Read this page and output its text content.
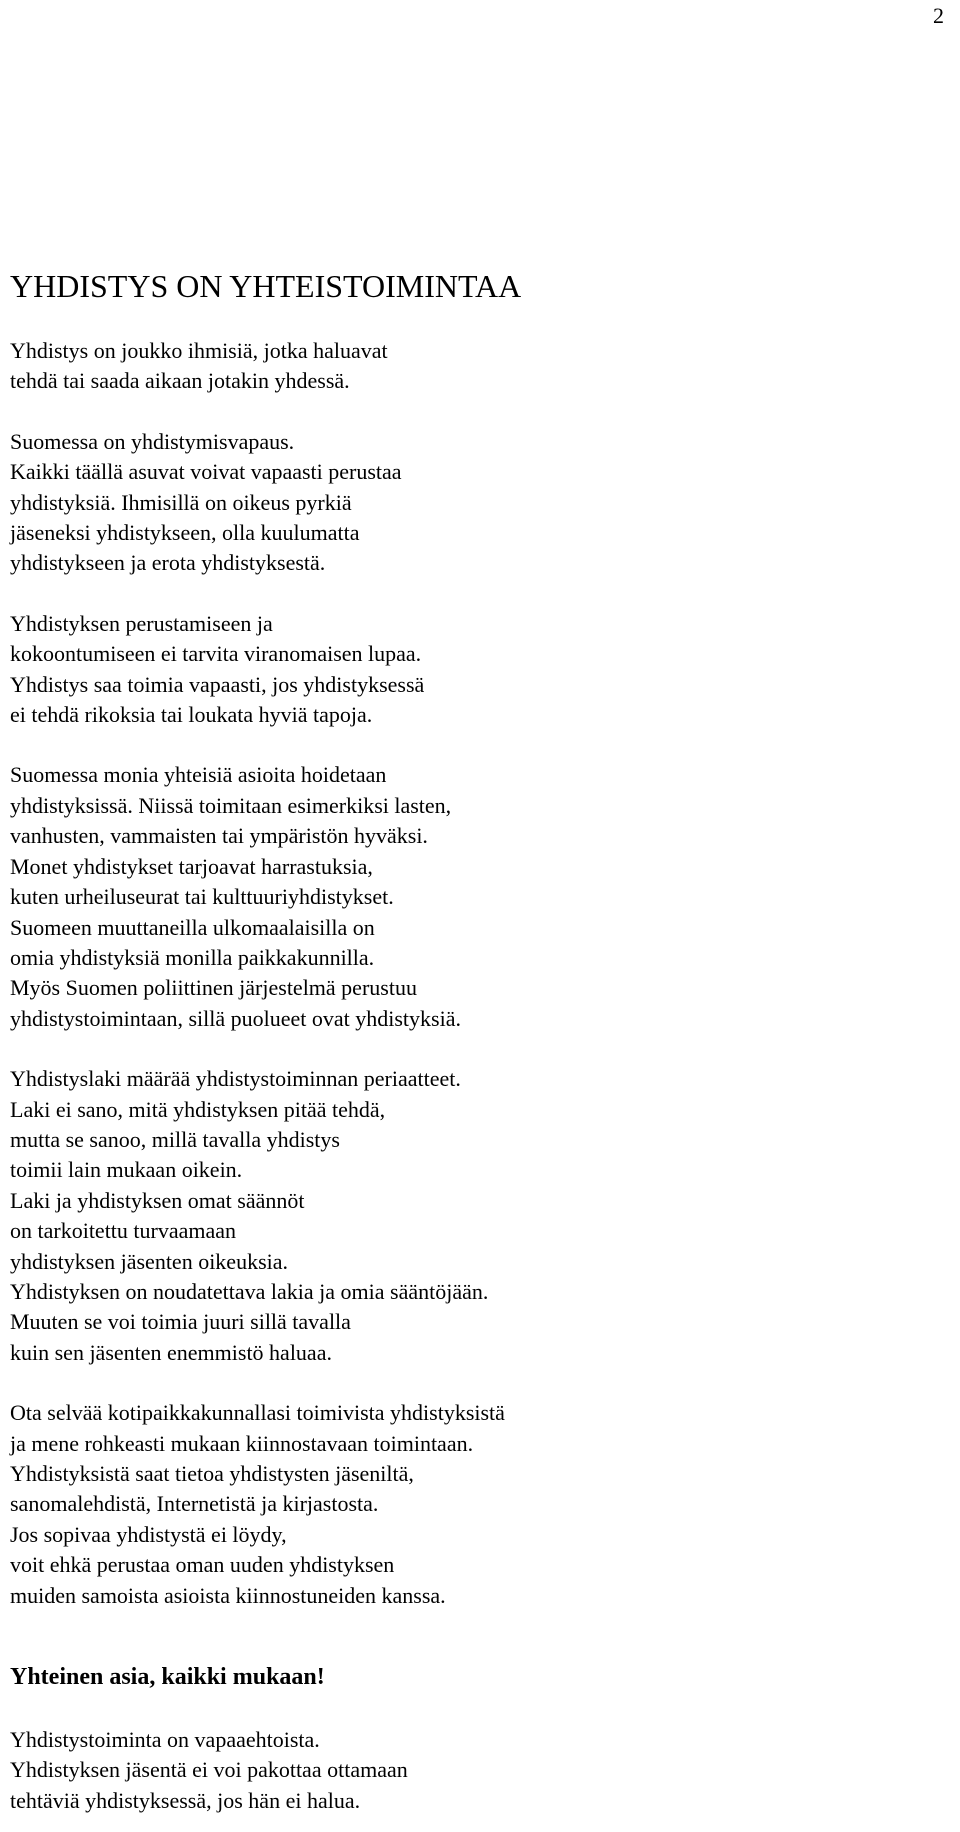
2
YHDISTYS ON YHTEISTOIMINTAA

Yhdistys on joukko ihmisiä, jotka haluavat
tehdä tai saada aikaan jotakin yhdessä.

Suomessa on yhdistymisvapaus.
Kaikki täällä asuvat voivat vapaasti perustaa
yhdistyksiä. Ihmisillä on oikeus pyrkiä
jäseneksi yhdistykseen, olla kuulumatta
yhdistykseen ja erota yhdistyksestä.

Yhdistyksen perustamiseen ja
kokoontumiseen ei tarvita viranomaisen lupaa.
Yhdistys saa toimia vapaasti, jos yhdistyksessä
ei tehdä rikoksia tai loukata hyviä tapoja.

Suomessa monia yhteisiä asioita hoidetaan
yhdistyksissä. Niissä toimitaan esimerkiksi lasten,
vanhusten, vammaisten tai ympäristön hyväksi.
Monet yhdistykset tarjoavat harrastuksia,
kuten urheiluseurat tai kulttuuriyhdistykset.
Suomeen muuttaneilla ulkomaalaisilla on
omia yhdistyksiä monilla paikkakunnilla.
Myös Suomen poliittinen järjestelmä perustuu
yhdistystoimintaan, sillä puolueet ovat yhdistyksiä.

Yhdistyslaki määrää yhdistystoiminnan periaatteet.
Laki ei sano, mitä yhdistyksen pitää tehdä,
mutta se sanoo, millä tavalla yhdistys
toimii lain mukaan oikein.
Laki ja yhdistyksen omat säännöt
on tarkoitettu turvaamaan
yhdistyksen jäsenten oikeuksia.
Yhdistyksen on noudatettava lakia ja omia sääntöjään.
Muuten se voi toimia juuri sillä tavalla
kuin sen jäsenten enemmistö haluaa.

Ota selvää kotipaikkakunnallasi toimivista yhdistyksistä
ja mene rohkeasti mukaan kiinnostavaan toimintaan.
Yhdistyksistä saat tietoa yhdistysten jäseniltä,
sanomalehdistä, Internetistä ja kirjastosta.
Jos sopivaa yhdistystä ei löydy,
voit ehkä perustaa oman uuden yhdistyksen
muiden samoista asioista kiinnostuneiden kanssa.

Yhteinen asia, kaikki mukaan!

Yhdistystoiminta on vapaaehtoista.
Yhdistyksen jäsentä ei voi pakottaa ottamaan
tehtäviä yhdistyksessä, jos hän ei halua.
